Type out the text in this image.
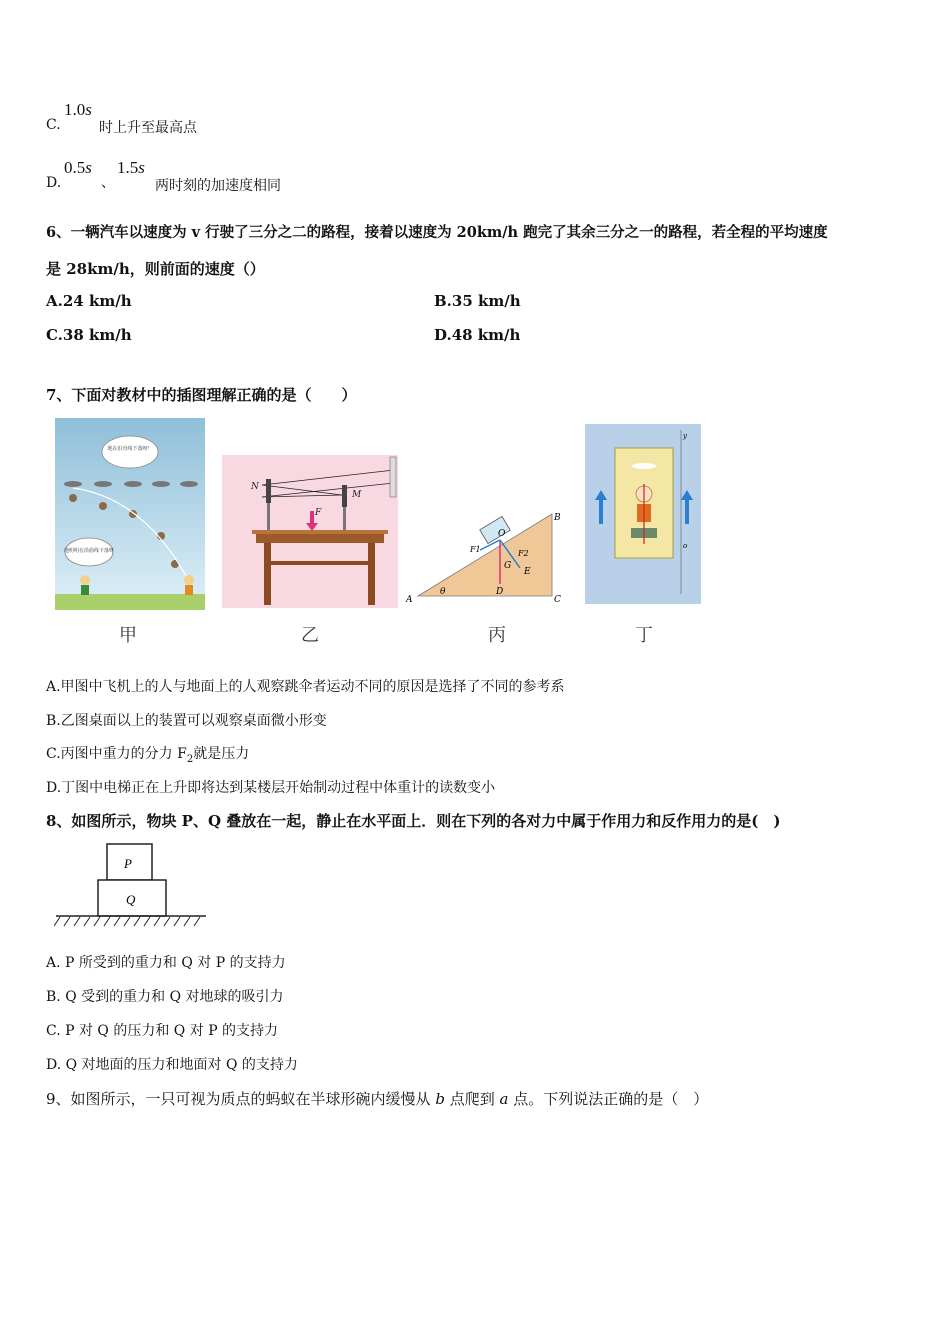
C.
1.0s
时上升至最高点
D.
0.5s
、
1.5s
两时刻的加速度相同
6、一辆汽车以速度为 v 行驶了三分之二的路程，接着以速度为 20km/h 跑完了其余三分之一的路程，若全程的平均速度
是 28km/h，则前面的速度（）
A.24 km/h	B.35 km/h
C.38 km/h	D.48 km/h
7、下面对教材中的插图理解正确的是（　　）
地在沿直线下落呀！
地明明在沿曲线下落呀
N
M
F
A
B
C
D
E
O
G
F1	F2
θ
y
o
甲	乙	丙	丁
A.甲图中飞机上的人与地面上的人观察跳伞者运动不同的原因是选择了不同的参考系
B.乙图桌面以上的装置可以观察桌面微小形变
C.丙图中重力的分力 $F_2$就是压力
D.丁图中电梯正在上升即将达到某楼层开始制动过程中体重计的读数变小
8、如图所示，物块 P、Q 叠放在一起，静止在水平面上．则在下列的各对力中属于作用力和反作用力的是(　)
P
Q
A. P 所受到的重力和 Q 对 P 的支持力
B. Q 受到的重力和 Q 对地球的吸引力
C. P 对 Q 的压力和 Q 对 P 的支持力
D. Q 对地面的压力和地面对 Q 的支持力
9、如图所示，一只可视为质点的蚂蚁在半球形碗内缓慢从 b 点爬到 a 点。下列说法正确的是（　）
